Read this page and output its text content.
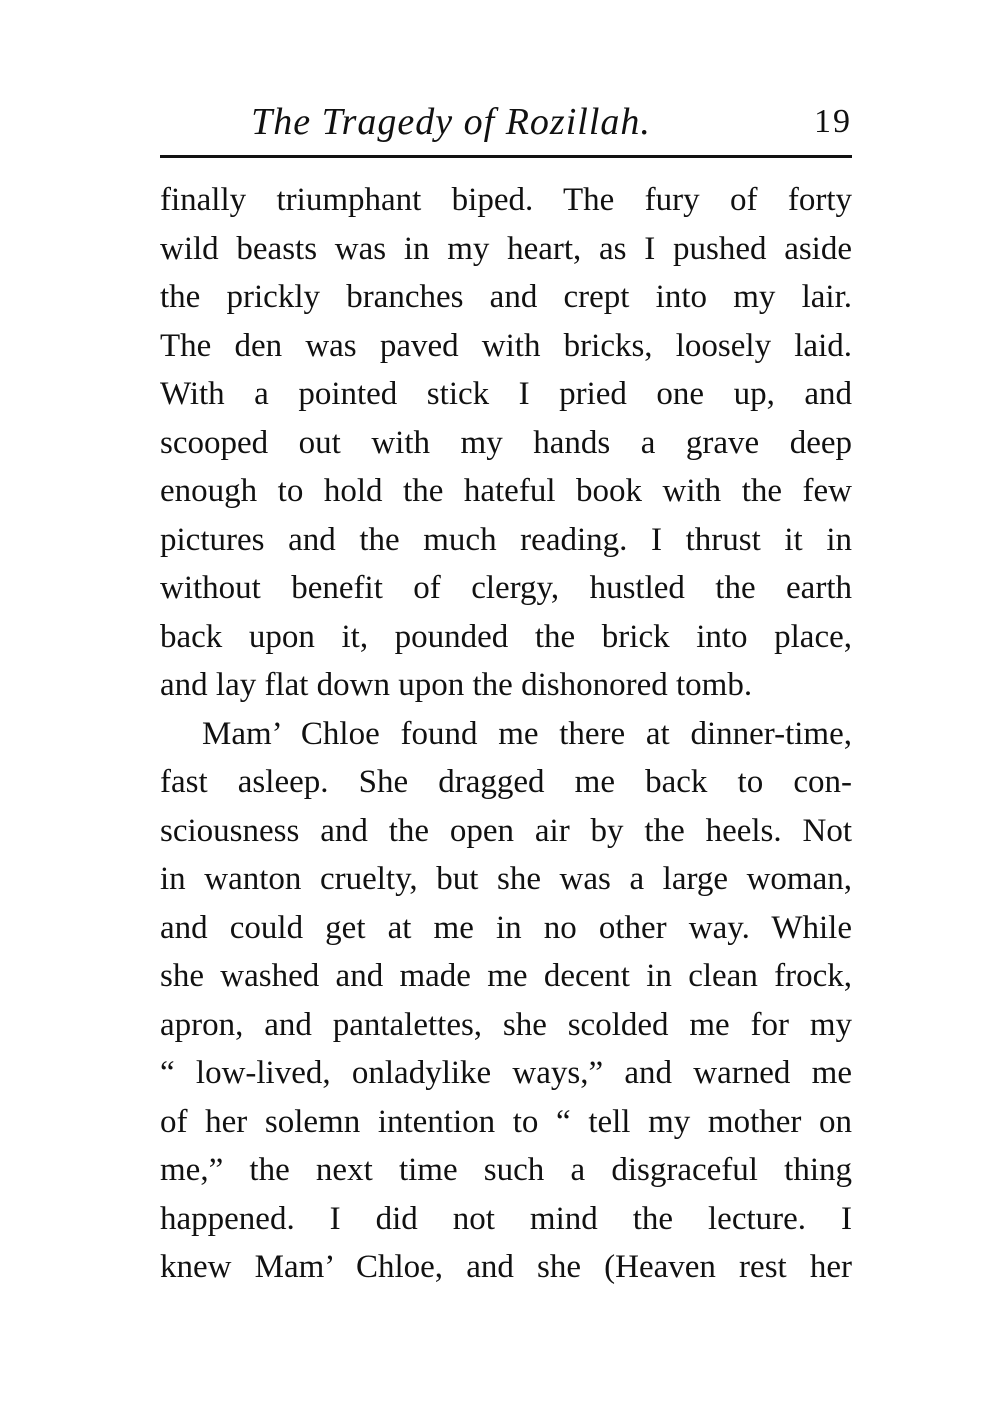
The Tragedy of Rozillah.	19
finally triumphant biped. The fury of forty
wild beasts was in my heart, as I pushed aside
the prickly branches and crept into my lair.
The den was paved with bricks, loosely laid.
With a pointed stick I pried one up, and
scooped out with my hands a grave deep
enough to hold the hateful book with the few
pictures and the much reading. I thrust it in
without benefit of clergy, hustled the earth
back upon it, pounded the brick into place,
and lay flat down upon the dishonored tomb.
Mam’ Chloe found me there at dinner-time,
fast asleep. She dragged me back to con-
sciousness and the open air by the heels. Not
in wanton cruelty, but she was a large woman,
and could get at me in no other way. While
she washed and made me decent in clean frock,
apron, and pantalettes, she scolded me for my
“ low-lived, onladylike ways,” and warned me
of her solemn intention to “ tell my mother on
me,” the next time such a disgraceful thing
happened. I did not mind the lecture. I
knew Mam’ Chloe, and she (Heaven rest her
